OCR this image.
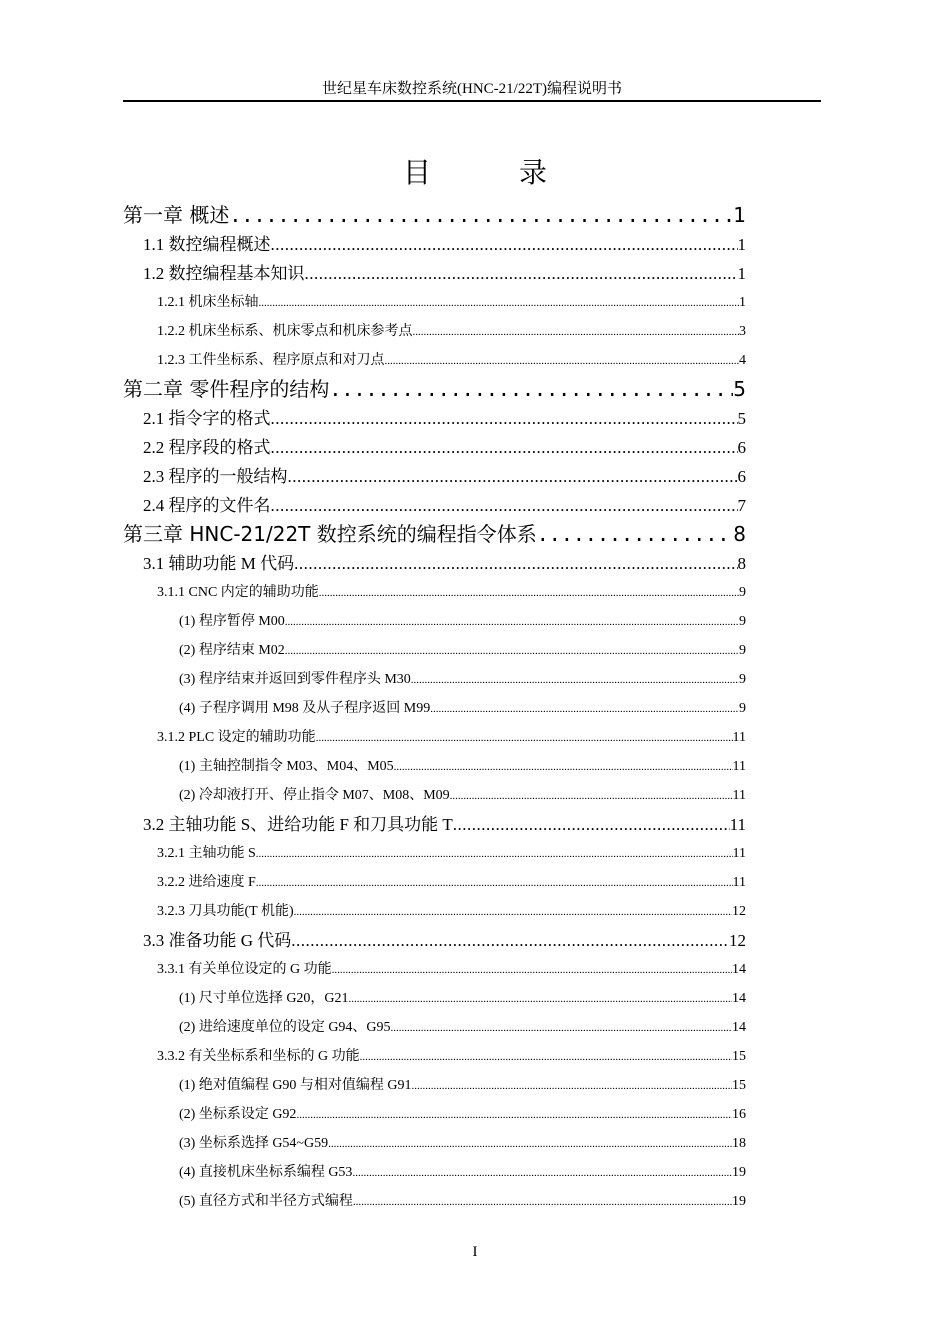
世纪星车床数控系统(HNC-21/22T)编程说明书
目	录
第一章 概述 .....	1
1.1 数控编程概述 .....	1
1.2 数控编程基本知识 .....	1
1.2.1 机床坐标轴 .....	1
1.2.2 机床坐标系、机床零点和机床参考点 .....	3
1.2.3 工件坐标系、程序原点和对刀点 .....	4
第二章 零件程序的结构 .....	5
2.1 指令字的格式 .....	5
2.2 程序段的格式 .....	6
2.3 程序的一般结构 .....	6
2.4 程序的文件名 .....	7
第三章 HNC-21/22T 数控系统的编程指令体系 .....	8
3.1 辅助功能 M 代码 .....	8
3.1.1 CNC 内定的辅助功能 .....	9
(1) 程序暂停 M00 .....	9
(2) 程序结束 M02 .....	9
(3) 程序结束并返回到零件程序头 M30 .....	9
(4) 子程序调用 M98 及从子程序返回 M99 .....	9
3.1.2 PLC 设定的辅助功能 .....	11
(1) 主轴控制指令 M03、M04、M05 .....	11
(2) 冷却液打开、停止指令 M07、M08、M09 .....	11
3.2 主轴功能 S、进给功能 F 和刀具功能 T .....	11
3.2.1 主轴功能 S .....	11
3.2.2 进给速度 F .....	11
3.2.3 刀具功能(T 机能) .....	12
3.3 准备功能 G 代码 .....	12
3.3.1 有关单位设定的 G 功能 .....	14
(1) 尺寸单位选择 G20，G21 .....	14
(2) 进给速度单位的设定 G94、G95 .....	14
3.3.2 有关坐标系和坐标的 G 功能 .....	15
(1) 绝对值编程 G90 与相对值编程 G91 .....	15
(2) 坐标系设定 G92 .....	16
(3) 坐标系选择 G54~G59 .....	18
(4) 直接机床坐标系编程 G53 .....	19
(5) 直径方式和半径方式编程 .....	19
I
